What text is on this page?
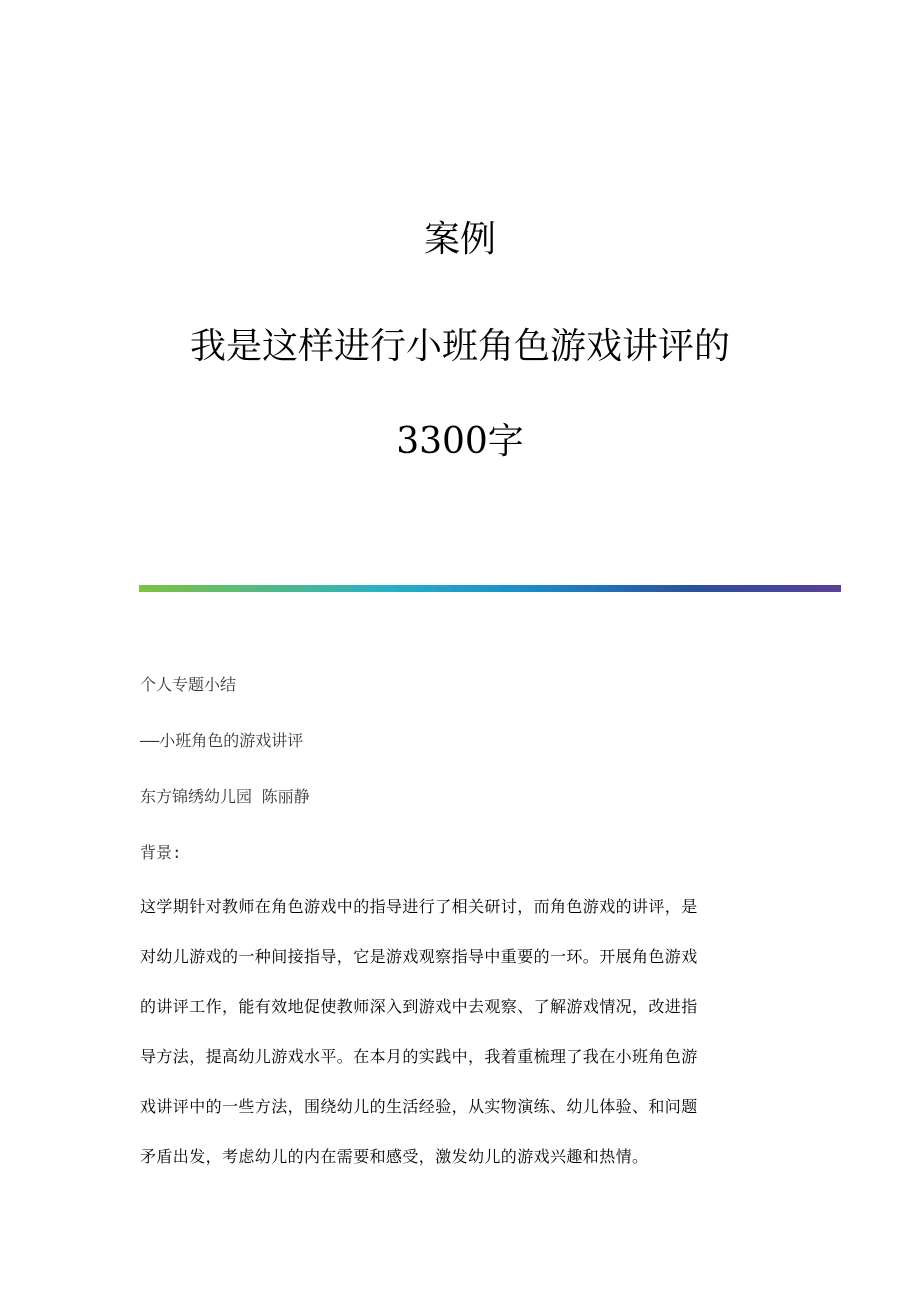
案例
我是这样进行小班角色游戏讲评的
3300字
个人专题小结
——小班角色的游戏讲评
东方锦绣幼儿园 陈丽静
背景:
这学期针对教师在角色游戏中的指导进行了相关研讨，而角色游戏的讲评，是
对幼儿游戏的一种间接指导，它是游戏观察指导中重要的一环。开展角色游戏
的讲评工作，能有效地促使教师深入到游戏中去观察、了解游戏情况，改进指
导方法，提高幼儿游戏水平。在本月的实践中，我着重梳理了我在小班角色游
戏讲评中的一些方法，围绕幼儿的生活经验，从实物演练、幼儿体验、和问题
矛盾出发，考虑幼儿的内在需要和感受，激发幼儿的游戏兴趣和热情。
